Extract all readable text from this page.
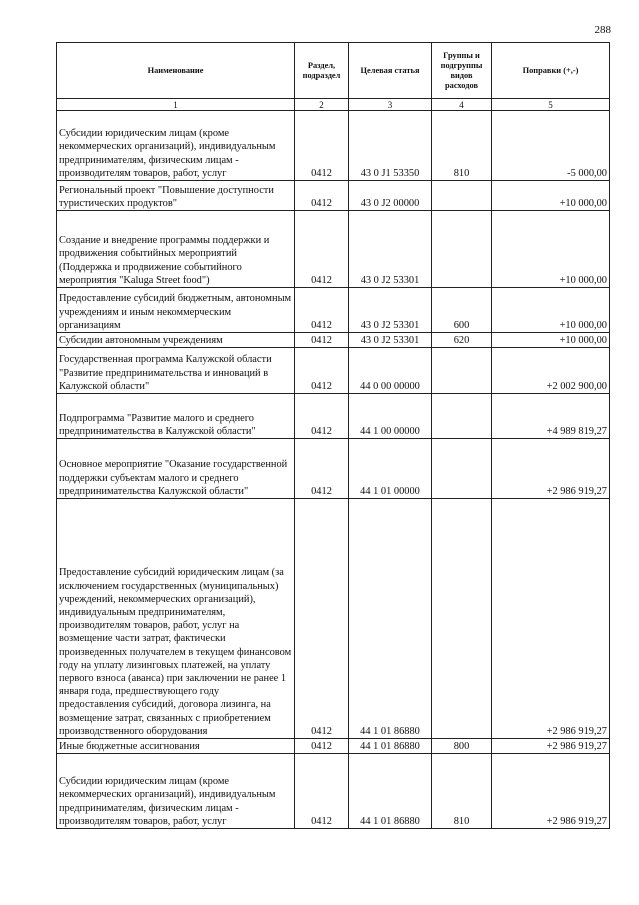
288
Наименование	Раздел, подраздел	Целевая статья	Группы и подгруппы видов расходов	Поправки (+,-)
1	2	3	4	5
Субсидии юридическим лицам (кроме некоммерческих организаций), индивидуальным предпринимателям, физическим лицам - производителям товаров, работ, услуг	0412	43 0 J1 53350	810	-5 000,00
Региональный проект "Повышение доступности туристических продуктов"	0412	43 0 J2 00000		+10 000,00
Создание и внедрение программы поддержки и продвижения событийных мероприятий (Поддержка и продвижение событийного мероприятия "Kaluga Street food")	0412	43 0 J2 53301		+10 000,00
Предоставление субсидий бюджетным, автономным учреждениям и иным некоммерческим организациям	0412	43 0 J2 53301	600	+10 000,00
Субсидии автономным учреждениям	0412	43 0 J2 53301	620	+10 000,00
Государственная программа Калужской области "Развитие предпринимательства и инноваций в Калужской области"	0412	44 0 00 00000		+2 002 900,00
Подпрограмма "Развитие малого и среднего предпринимательства в Калужской области"	0412	44 1 00 00000		+4 989 819,27
Основное мероприятие "Оказание государственной поддержки субъектам малого и среднего предпринимательства Калужской области"	0412	44 1 01 00000		+2 986 919,27
Предоставление субсидий юридическим лицам (за исключением государственных (муниципальных) учреждений, некоммерческих организаций), индивидуальным предпринимателям, производителям товаров, работ, услуг на возмещение части затрат, фактически произведенных получателем в текущем финансовом году на уплату лизинговых платежей, на уплату первого взноса (аванса) при заключении не ранее 1 января года, предшествующего году предоставления субсидий, договора лизинга, на возмещение затрат, связанных с приобретением производственного оборудования	0412	44 1 01 86880		+2 986 919,27
Иные бюджетные ассигнования	0412	44 1 01 86880	800	+2 986 919,27
Субсидии юридическим лицам (кроме некоммерческих организаций), индивидуальным предпринимателям, физическим лицам - производителям товаров, работ, услуг	0412	44 1 01 86880	810	+2 986 919,27
